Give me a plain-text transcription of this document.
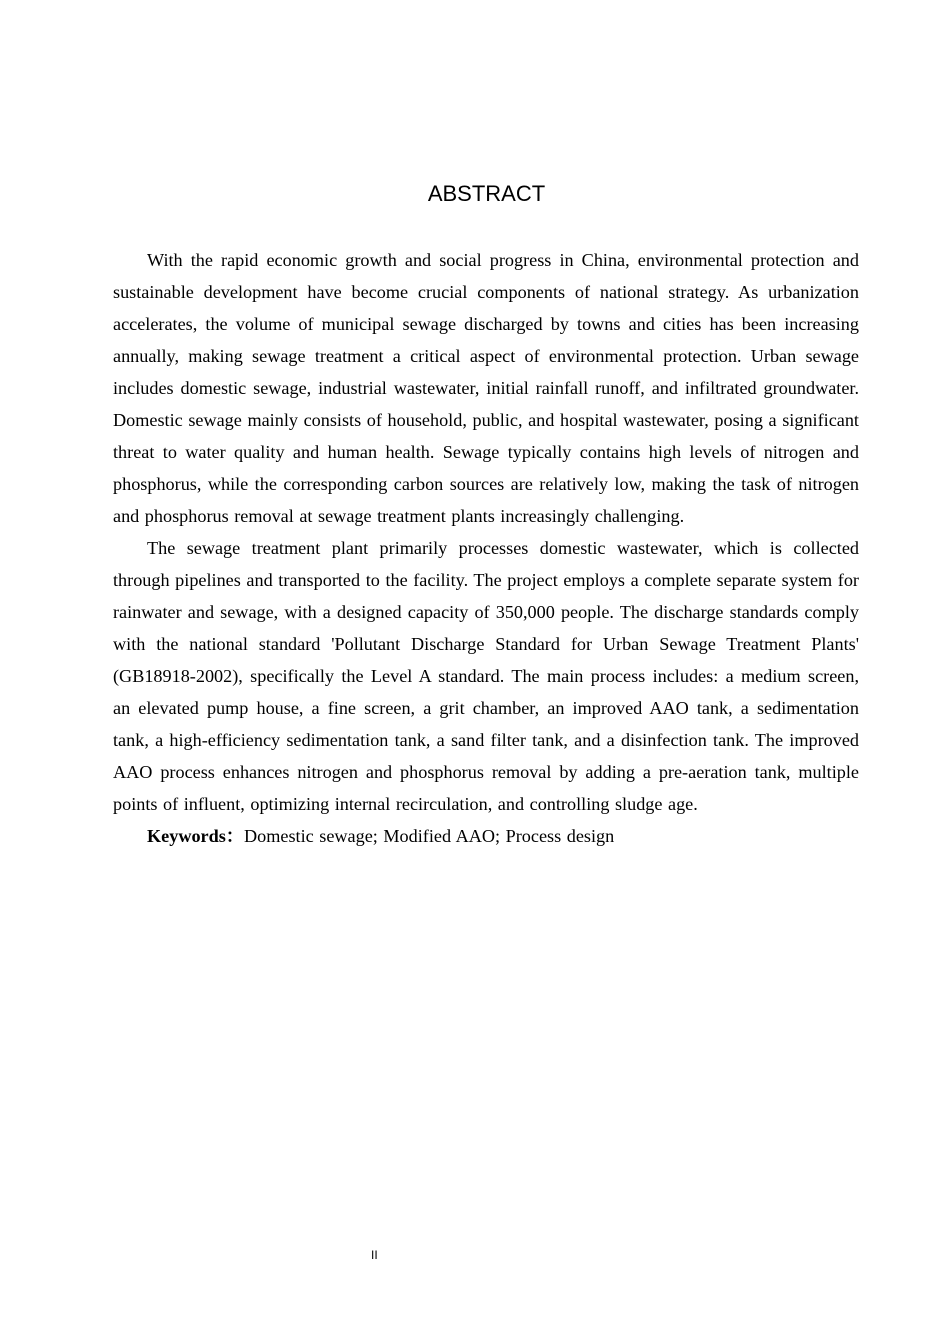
ABSTRACT

With the rapid economic growth and social progress in China, environmental protection and sustainable development have become crucial components of national strategy. As urbanization accelerates, the volume of municipal sewage discharged by towns and cities has been increasing annually, making sewage treatment a critical aspect of environmental protection. Urban sewage includes domestic sewage, industrial wastewater, initial rainfall runoff, and infiltrated groundwater. Domestic sewage mainly consists of household, public, and hospital wastewater, posing a significant threat to water quality and human health. Sewage typically contains high levels of nitrogen and phosphorus, while the corresponding carbon sources are relatively low, making the task of nitrogen and phosphorus removal at sewage treatment plants increasingly challenging.

The sewage treatment plant primarily processes domestic wastewater, which is collected through pipelines and transported to the facility. The project employs a complete separate system for rainwater and sewage, with a designed capacity of 350,000 people. The discharge standards comply with the national standard 'Pollutant Discharge Standard for Urban Sewage Treatment Plants' (GB18918-2002), specifically the Level A standard. The main process includes: a medium screen, an elevated pump house, a fine screen, a grit chamber, an improved AAO tank, a sedimentation tank, a high-efficiency sedimentation tank, a sand filter tank, and a disinfection tank. The improved AAO process enhances nitrogen and phosphorus removal by adding a pre-aeration tank, multiple points of influent, optimizing internal recirculation, and controlling sludge age.

Keywords：Domestic sewage; Modified AAO; Process design

II
